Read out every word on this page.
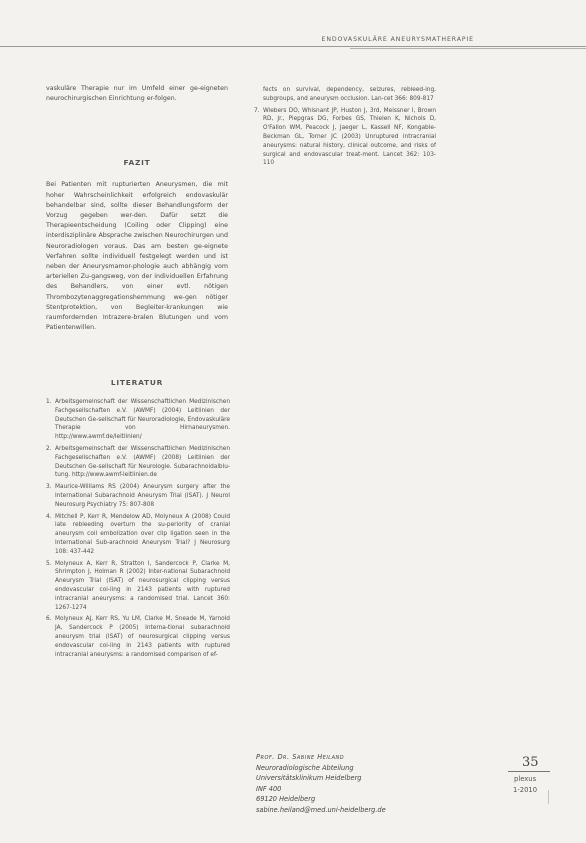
ENDOVASKULÄRE ANEURYSMATHERAPIE

vaskuläre Therapie nur im Umfeld einer ge-eigneten neurochirurgischen Einrichtung er-folgen.

FAZIT

Bei Patienten mit rupturierten Aneurysmen, die mit hoher Wahrscheinlichkeit erfolgreich endovaskulär behandelbar sind, sollte dieser Behandlungsform der Vorzug gegeben wer-den. Dafür setzt die Therapieentscheidung (Coiling oder Clipping) eine interdisziplinäre Absprache zwischen Neurochirurgen und Neuroradiologen voraus. Das am besten ge-eignete Verfahren sollte individuell festgelegt werden und ist neben der Aneurysmamor-phologie auch abhängig vom arteriellen Zu-gangsweg, von der individuellen Erfahrung des Behandlers, von einer evtl. nötigen Thrombozytenaggregationshemmung we-gen nötiger Stentprotektion, von Begleiter-krankungen wie raumfordernden Intrazere-bralen Blutungen und vom Patientenwillen.

LITERATUR
1. Arbeitsgemeinschaft der Wissenschaftlichen Medizinischen Fachgesellschaften e.V. (AWMF) (2004) Leitlinien der Deutschen Ge-sellschaft für Neuroradiologie, Endovaskuläre Therapie von Hirnaneurysmen. http://www.awmf.de/leitlinien/
2. Arbeitsgemeinschaft der Wissenschaftlichen Medizinischen Fachgesellschaften e.V. (AWMF) (2008) Leitlinien der Deutschen Ge-sellschaft für Neurologie. Subarachnoidalblu-tung. http://www.awmf-leitlinien.de
3. Maurice-Williams RS (2004) Aneurysm surgery after the International Subarachnoid Aneurysm Trial (ISAT). J Neurol Neurosurg Psychiatry 75: 807-808
4. Mitchell P, Kerr R, Mendelow AD, Molyneux A (2008) Could late rebleeding overturn the su-periority of cranial aneurysm coil embolization over clip ligation seen in the International Sub-arachnoid Aneurysm Trial? J Neurosurg 108: 437-442
5. Molyneux A, Kerr R, Stratton I, Sandercock P, Clarke M, Shrimpton J, Holman R (2002) Inter-national Subarachnoid Aneurysm Trial (ISAT) of neurosurgical clipping versus endovascular coi-ling in 2143 patients with ruptured intracranial aneurysms: a randomised trial. Lancet 360: 1267-1274
6. Molyneux AJ, Kerr RS, Yu LM, Clarke M, Sneade M, Yarnold JA, Sandercock P (2005) Interna-tional subarachnoid aneurysm trial (ISAT) of neurosurgical clipping versus endovascular coi-ling in 2143 patients with ruptured intracranial aneurysms: a randomised comparison of ef-
fects on survival, dependency, seizures, rebleed-ing, subgroups, and aneurysm occlusion. Lan-cet 366: 809-817
7. Wiebers DO, Whisnant JP, Huston J, 3rd, Meissner I, Brown RD, Jr., Piepgras DG, Forbes GS, Thielen K, Nichols D, O'Fallon WM, Peacock J, Jaeger L, Kassell NF, Kongable-Beckman GL, Torner JC (2003) Unruptured intracranial aneurysms: natural history, clinical outcome, and risks of surgical and endovascular treat-ment. Lancet 362: 103-110
Prof. Dr. Sabine Heiland
Neuroradiologische Abteilung
Universitätsklinikum Heidelberg
INF 400
69120 Heidelberg
sabine.heiland@med.uni-heidelberg.de
35
plexus
1-2010
